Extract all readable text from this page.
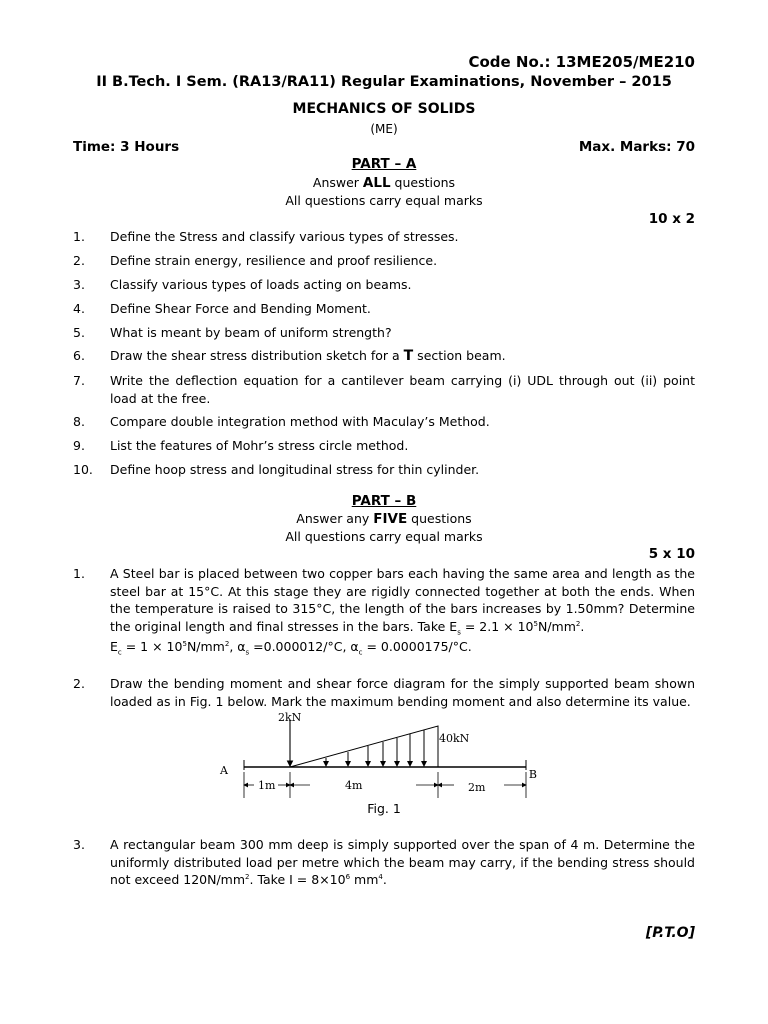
Code No.: 13ME205/ME210
II B.Tech. I Sem. (RA13/RA11) Regular Examinations, November – 2015
MECHANICS OF SOLIDS
(ME)
Time: 3 Hours	Max. Marks: 70
PART – A
Answer ALL questions
All questions carry equal marks
10 x 2
1. Define the Stress and classify various types of stresses.
2. Define strain energy, resilience and proof resilience.
3. Classify various types of loads acting on beams.
4. Define Shear Force and Bending Moment.
5. What is meant by beam of uniform strength?
6. Draw the shear stress distribution sketch for a T section beam.
7. Write the deflection equation for a cantilever beam carrying (i) UDL through out (ii) point load at the free.
8. Compare double integration method with Maculay’s Method.
9. List the features of Mohr’s stress circle method.
10. Define hoop stress and longitudinal stress for thin cylinder.
PART – B
Answer any FIVE questions
All questions carry equal marks
5 x 10
1. A Steel bar is placed between two copper bars each having the same area and length as the steel bar at 15°C. At this stage they are rigidly connected together at both the ends. When the temperature is raised to 315°C, the length of the bars increases by 1.50mm? Determine the original length and final stresses in the bars. Take $E_s = 2.1 \times 10^5N/mm^2$.
$E_c = 1 \times 10^5N/mm^2$, $\alpha_s =0.000012/^\circ C$, $\alpha_c = 0.0000175/^\circ C$.
2. Draw the bending moment and shear force diagram for the simply supported beam shown loaded as in Fig. 1 below. Mark the maximum bending moment and also determine its value.
2kN
40kN
A	B
1m	4m	2m
Fig. 1
3. A rectangular beam 300 mm deep is simply supported over the span of 4 m. Determine the uniformly distributed load per metre which the beam may carry, if the bending stress should not exceed $120N/mm^2$. Take $I = 8\times 10^6$ $mm^4$.
[P.T.O]
